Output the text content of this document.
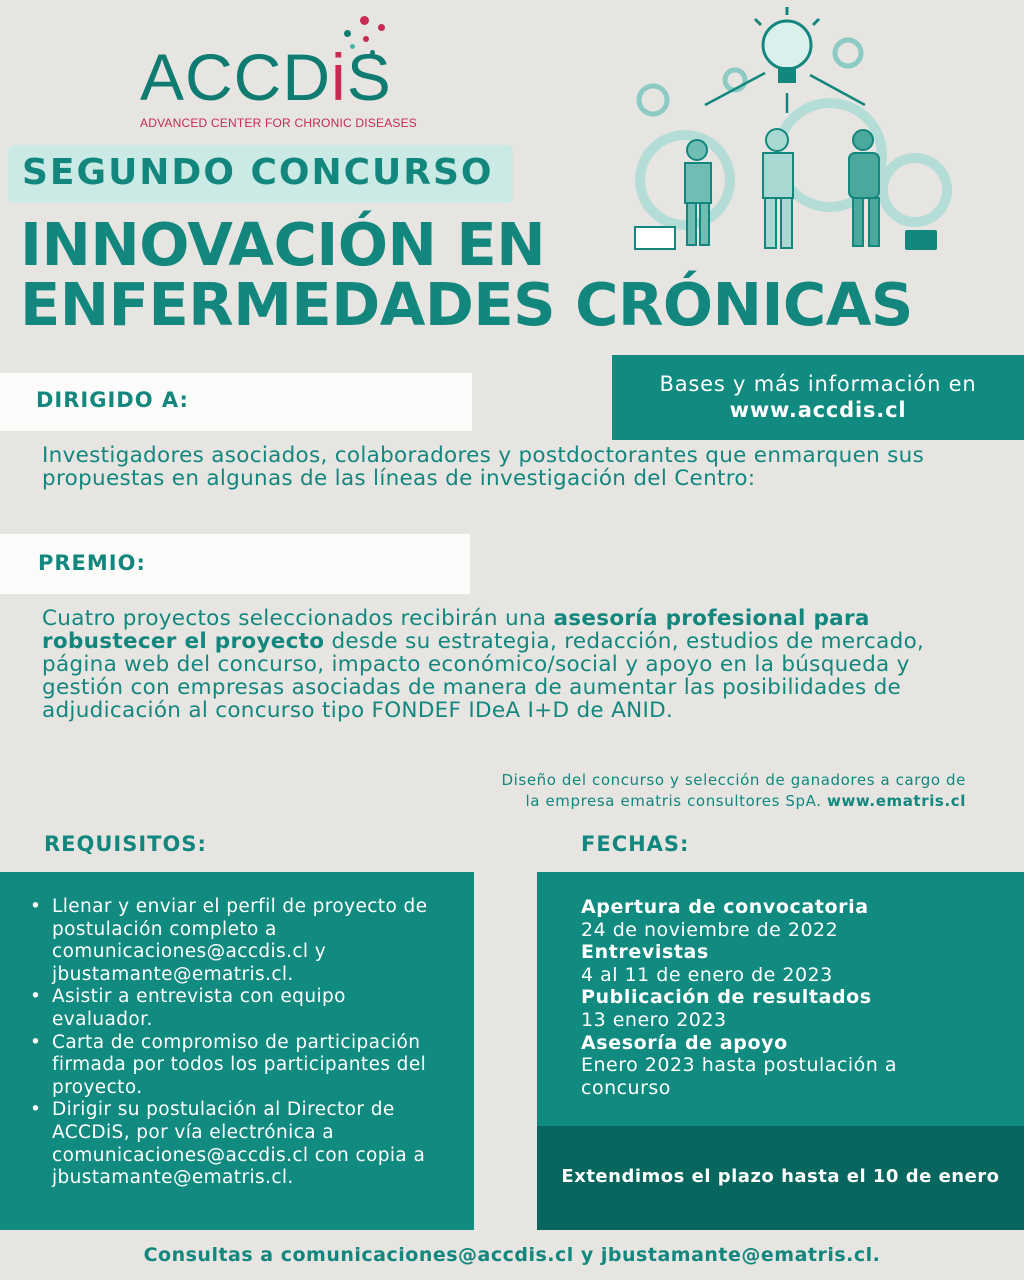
ACCDiS
ADVANCED CENTER FOR CHRONIC DISEASES
SEGUNDO CONCURSO
INNOVACIÓN EN
ENFERMEDADES CRÓNICAS
DIRIGIDO A:
Bases y más información en
www.accdis.cl
Investigadores asociados, colaboradores y postdoctorantes que enmarquen sus propuestas en algunas de las líneas de investigación del Centro:
PREMIO:
Cuatro proyectos seleccionados recibirán una asesoría profesional para robustecer el proyecto desde su estrategia, redacción, estudios de mercado, página web del concurso, impacto económico/social y apoyo en la búsqueda y gestión con empresas asociadas de manera de aumentar las posibilidades de adjudicación al concurso tipo FONDEF IDeA I+D de ANID.
Diseño del concurso y selección de ganadores a cargo de
la empresa ematris consultores SpA. www.ematris.cl
REQUISITOS:	FECHAS:
• Llenar y enviar el perfil de proyecto de postulación completo a comunicaciones@accdis.cl y jbustamante@ematris.cl.
• Asistir a entrevista con equipo evaluador.
• Carta de compromiso de participación firmada por todos los participantes del proyecto.
• Dirigir su postulación al Director de ACCDiS, por vía electrónica a comunicaciones@accdis.cl con copia a jbustamante@ematris.cl.
Apertura de convocatoria
24 de noviembre de 2022
Entrevistas
4 al 11 de enero de 2023
Publicación de resultados
13 enero 2023
Asesoría de apoyo
Enero 2023 hasta postulación a concurso
Extendimos el plazo hasta el 10 de enero
Consultas a comunicaciones@accdis.cl y jbustamante@ematris.cl.
